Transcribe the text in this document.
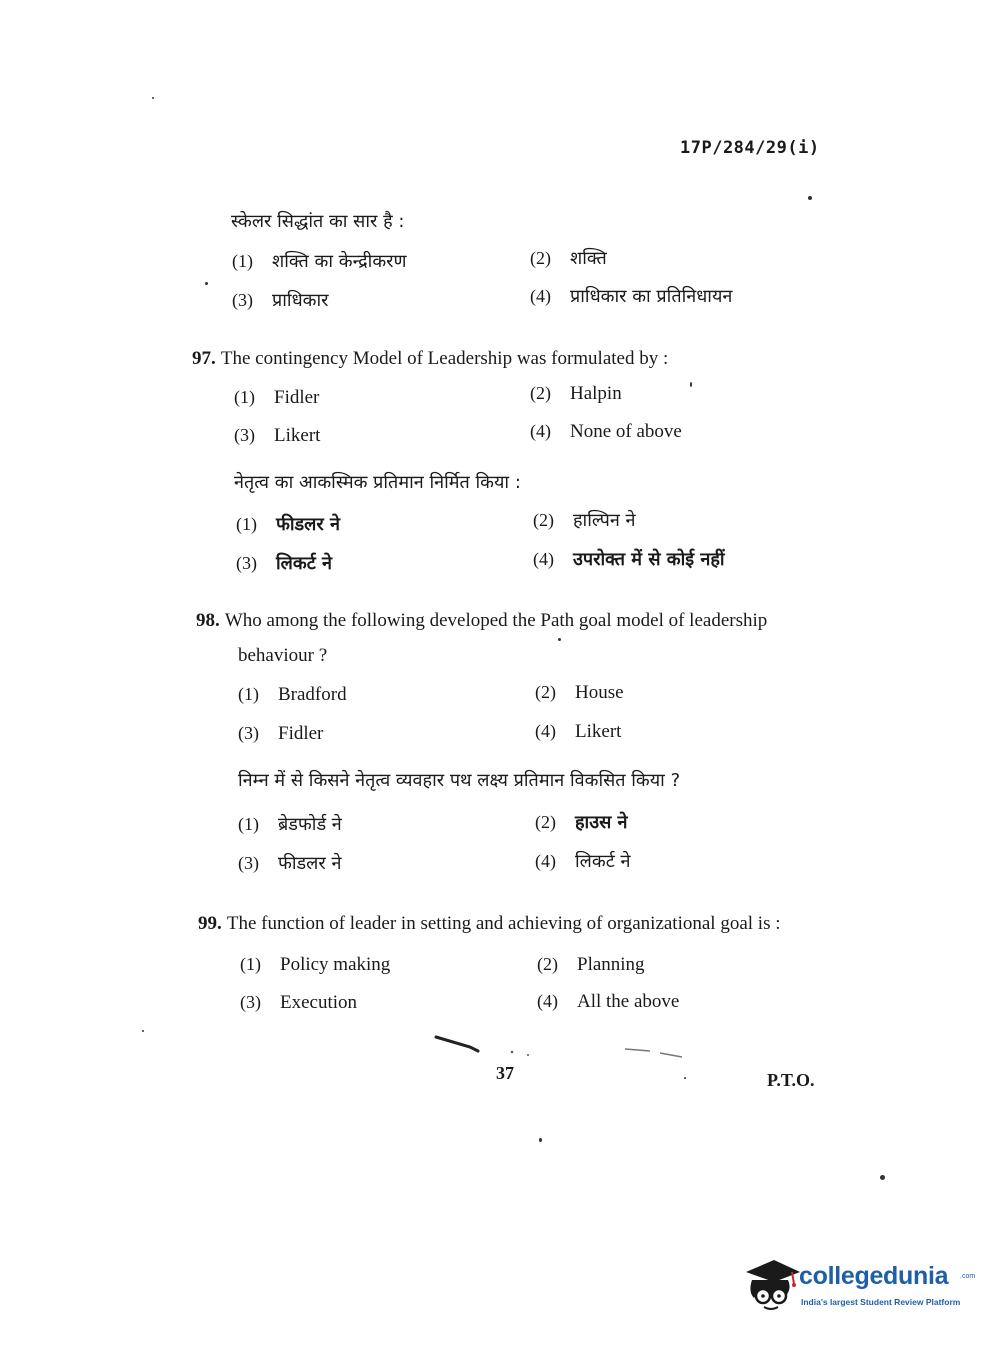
17P/284/29(i)
स्केलर सिद्धांत का सार है :
(1) शक्ति का केन्द्रीकरण	(2) शक्ति
(3) प्राधिकार	(4) प्राधिकार का प्रतिनिधायन
97. The contingency Model of Leadership was formulated by :
(1) Fidler	(2) Halpin
(3) Likert	(4) None of above
नेतृत्व का आकस्मिक प्रतिमान निर्मित किया :
(1) फीडलर ने	(2) हाल्पिन ने
(3) लिकर्ट ने	(4) उपरोक्त में से कोई नहीं
98. Who among the following developed the Path goal model of leadership
behaviour ?
(1) Bradford	(2) House
(3) Fidler	(4) Likert
निम्न में से किसने नेतृत्व व्यवहार पथ लक्ष्य प्रतिमान विकसित किया ?
(1) ब्रेडफोर्ड ने	(2) हाउस ने
(3) फीडलर ने	(4) लिकर्ट ने
99. The function of leader in setting and achieving of organizational goal is :
(1) Policy making	(2) Planning
(3) Execution	(4) All the above
37	P.T.O.
collegedunia .com
India's largest Student Review Platform
